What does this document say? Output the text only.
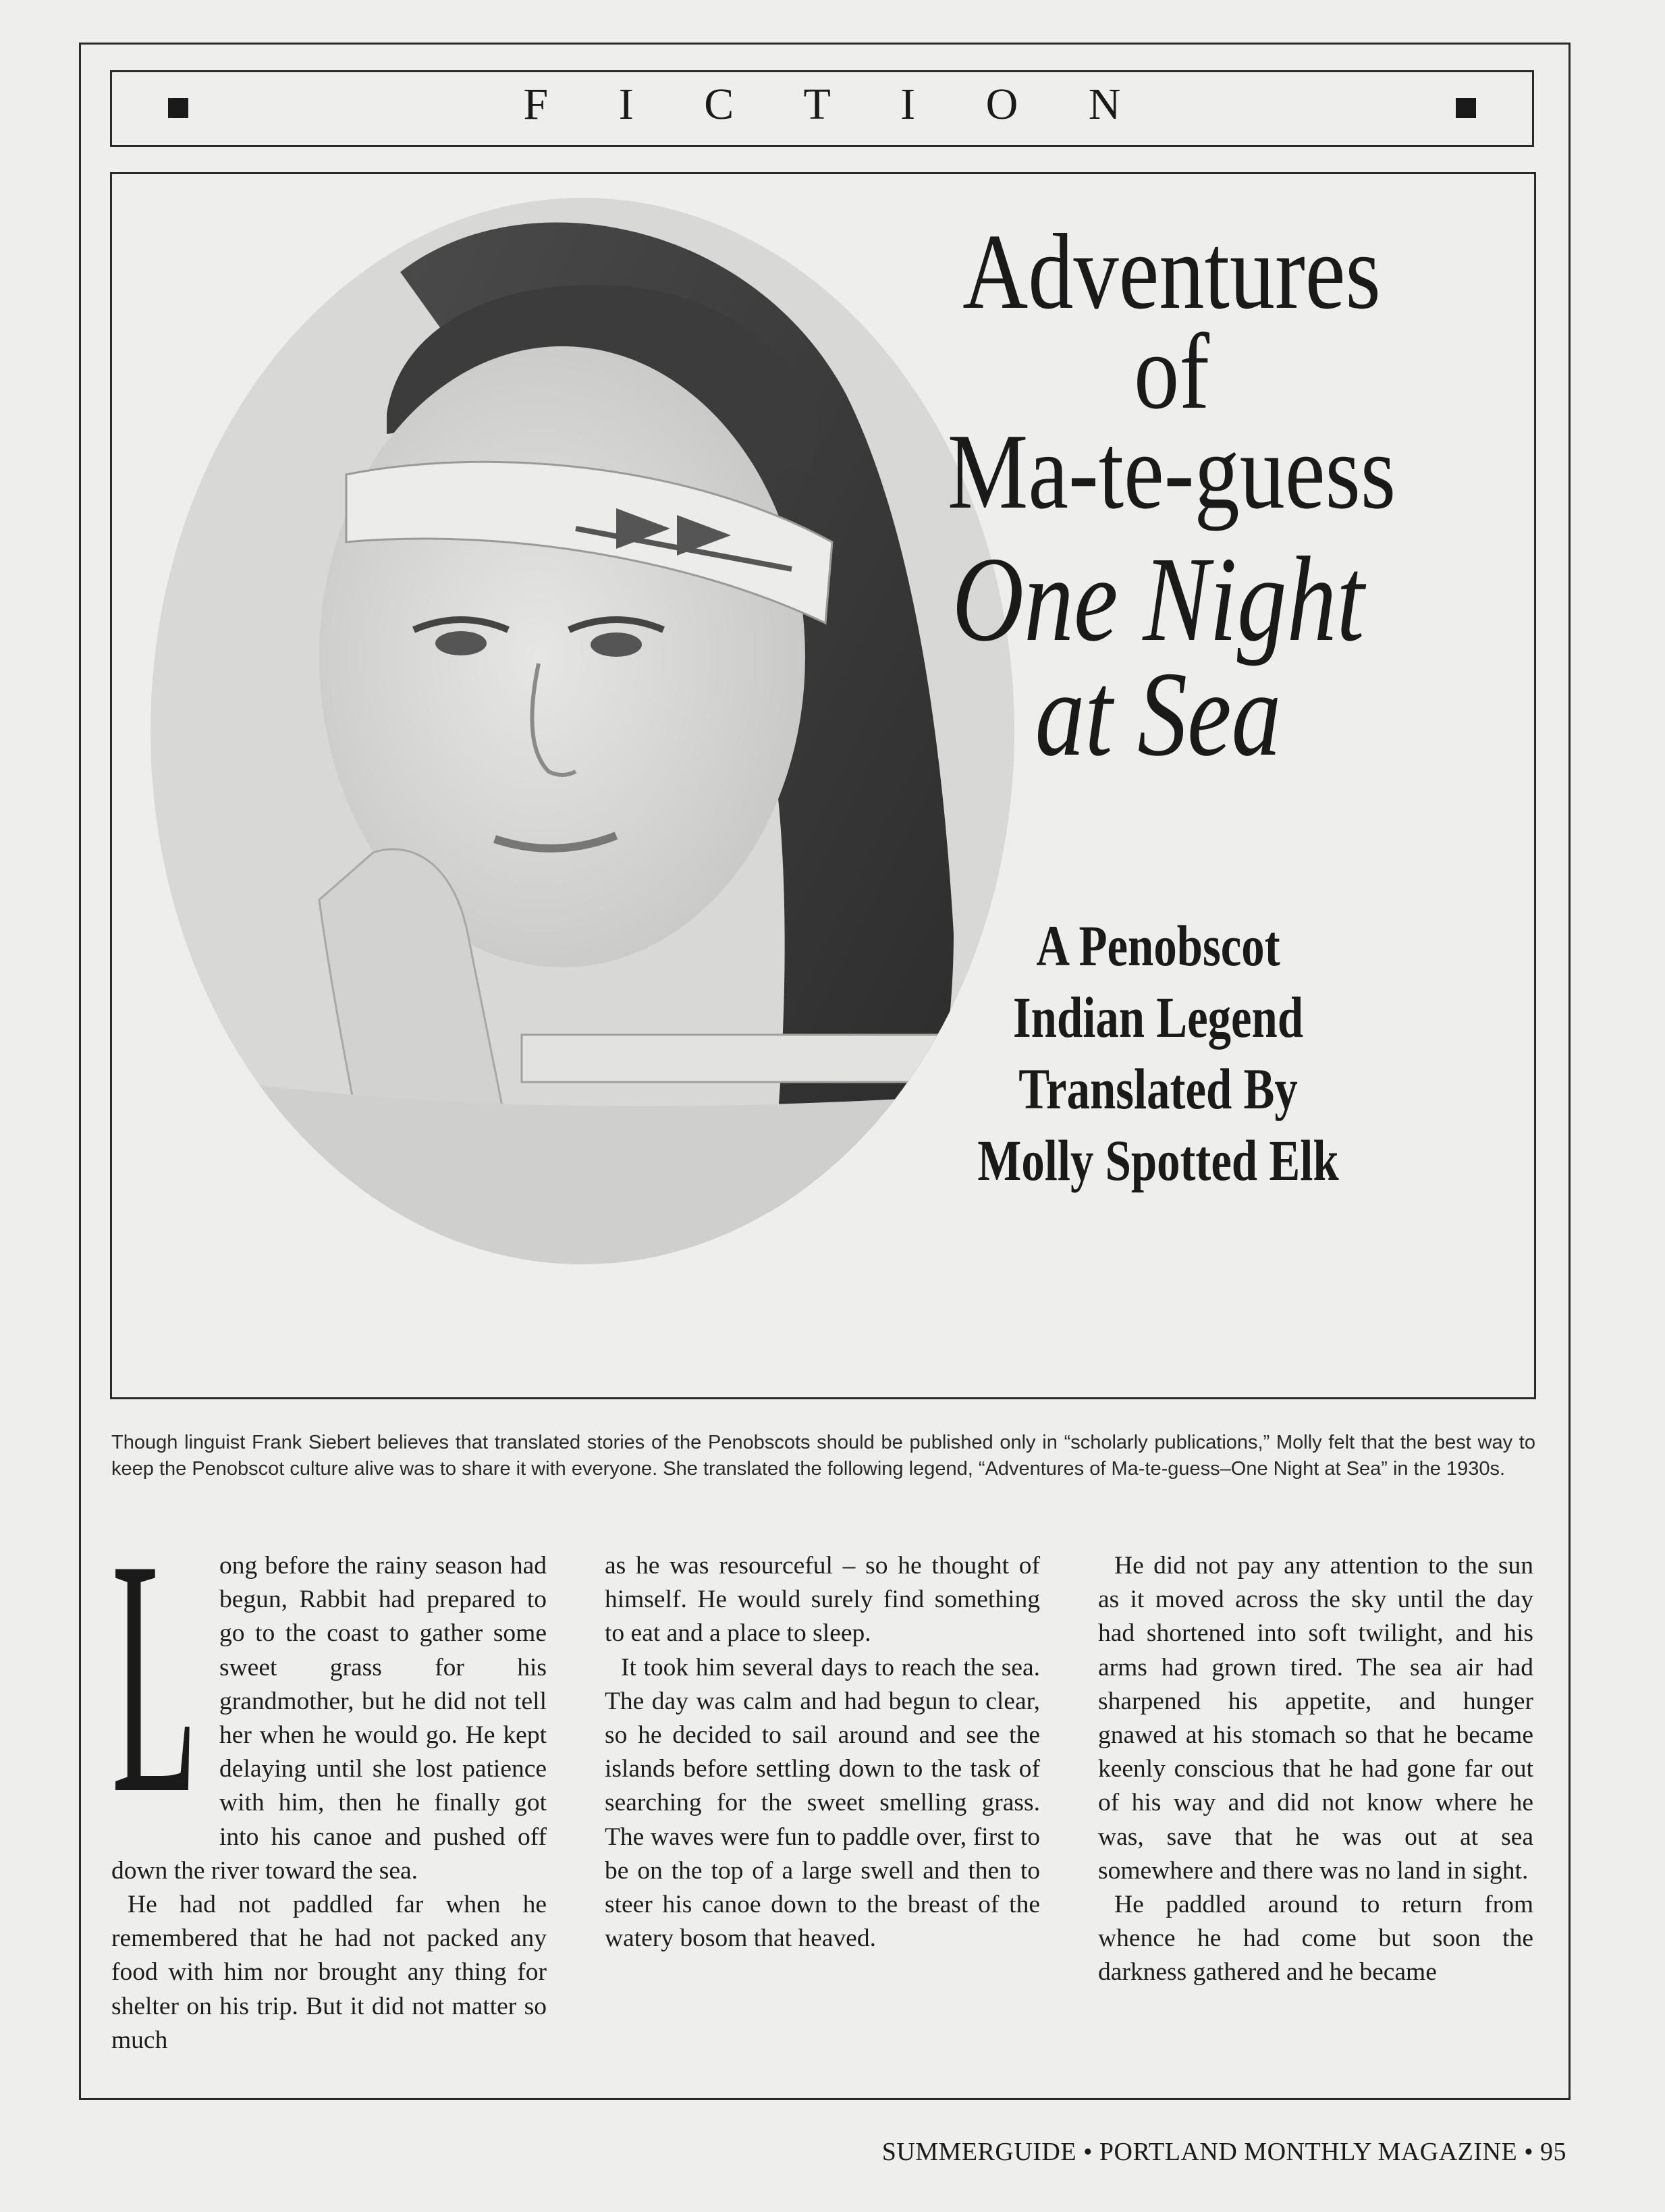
F I C T I O N
Adventures of
Ma-te-guess
One Night
at Sea
A Penobscot
Indian Legend
Translated By
Molly Spotted Elk
Though linguist Frank Siebert believes that translated stories of the Penobscots should be published only in “scholarly publications,” Molly felt that the best way to keep the Penobscot culture alive was to share it with everyone. She translated the following legend, “Adventures of Ma-te-guess–One Night at Sea” in the 1930s.

L ong before the rainy season had begun, Rabbit had prepared to go to the coast to gather some sweet grass for his grandmother, but he did not tell her when he would go. He kept delaying until she lost patience with him, then he finally got into his canoe and pushed off down the river toward the sea.

He had not paddled far when he remembered that he had not packed any food with him nor brought any thing for shelter on his trip. But it did not matter so much

as he was resourceful – so he thought of himself. He would surely find something to eat and a place to sleep.

It took him several days to reach the sea. The day was calm and had begun to clear, so he decided to sail around and see the islands before settling down to the task of searching for the sweet smelling grass. The waves were fun to paddle over, first to be on the top of a large swell and then to steer his canoe down to the breast of the watery bosom that heaved.

He did not pay any attention to the sun as it moved across the sky until the day had shortened into soft twilight, and his arms had grown tired. The sea air had sharpened his appetite, and hunger gnawed at his stomach so that he became keenly conscious that he had gone far out of his way and did not know where he was, save that he was out at sea somewhere and there was no land in sight.

He paddled around to return from whence he had come but soon the darkness gathered and he became

SUMMERGUIDE • PORTLAND MONTHLY MAGAZINE • 95
